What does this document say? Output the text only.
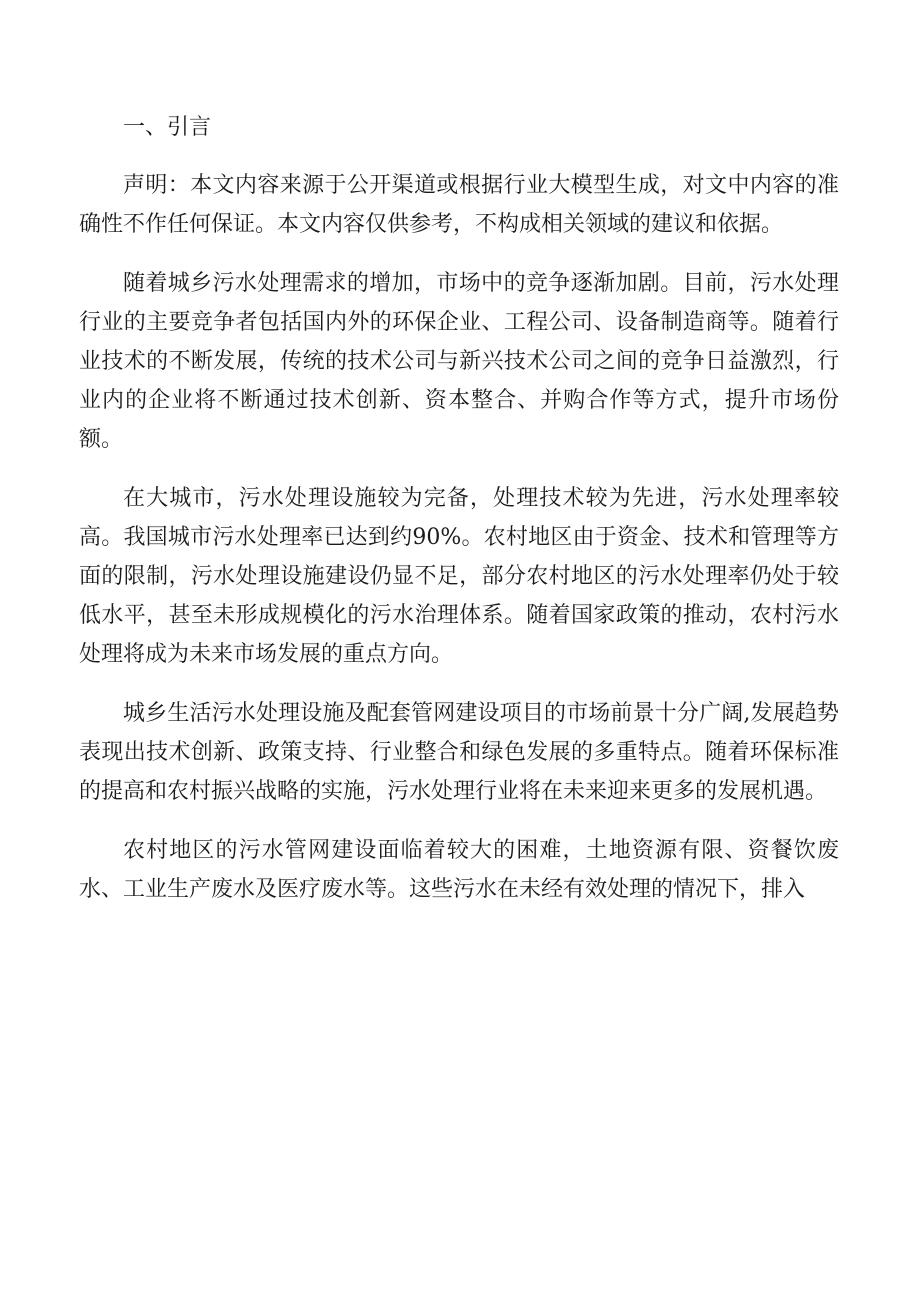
一、引言

声明：本文内容来源于公开渠道或根据行业大模型生成，对文中内容的准确性不作任何保证。本文内容仅供参考，不构成相关领域的建议和依据。

随着城乡污水处理需求的增加，市场中的竞争逐渐加剧。目前，污水处理行业的主要竞争者包括国内外的环保企业、工程公司、设备制造商等。随着行业技术的不断发展，传统的技术公司与新兴技术公司之间的竞争日益激烈，行业内的企业将不断通过技术创新、资本整合、并购合作等方式，提升市场份额。

在大城市，污水处理设施较为完备，处理技术较为先进，污水处理率较高。我国城市污水处理率已达到约90%。农村地区由于资金、技术和管理等方面的限制，污水处理设施建设仍显不足，部分农村地区的污水处理率仍处于较低水平，甚至未形成规模化的污水治理体系。随着国家政策的推动，农村污水处理将成为未来市场发展的重点方向。

城乡生活污水处理设施及配套管网建设项目的市场前景十分广阔,发展趋势表现出技术创新、政策支持、行业整合和绿色发展的多重特点。随着环保标准的提高和农村振兴战略的实施，污水处理行业将在未来迎来更多的发展机遇。

农村地区的污水管网建设面临着较大的困难，土地资源有限、资餐饮废水、工业生产废水及医疗废水等。这些污水在未经有效处理的情况下，排入
